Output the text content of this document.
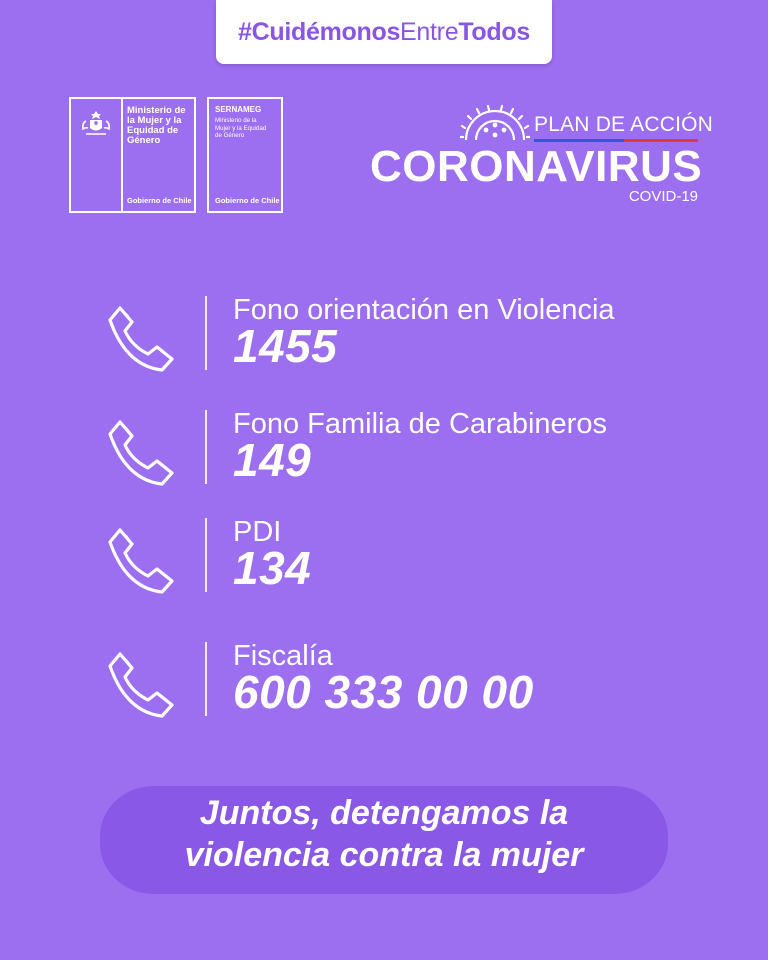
#Cuidémonos Entre Todos
Ministerio de
la Mujer y la
Equidad de
Género
Gobierno de Chile
SERNAMEG
Ministerio de la
Mujer y la Equidad
de Género
Gobierno de Chile
PLAN DE ACCIÓN
CORONAVIRUS
COVID-19
Fono orientación en Violencia
1455
Fono Familia de Carabineros
149
PDI
134
Fiscalía
600 333 00 00
Juntos, detengamos la
violencia contra la mujer
